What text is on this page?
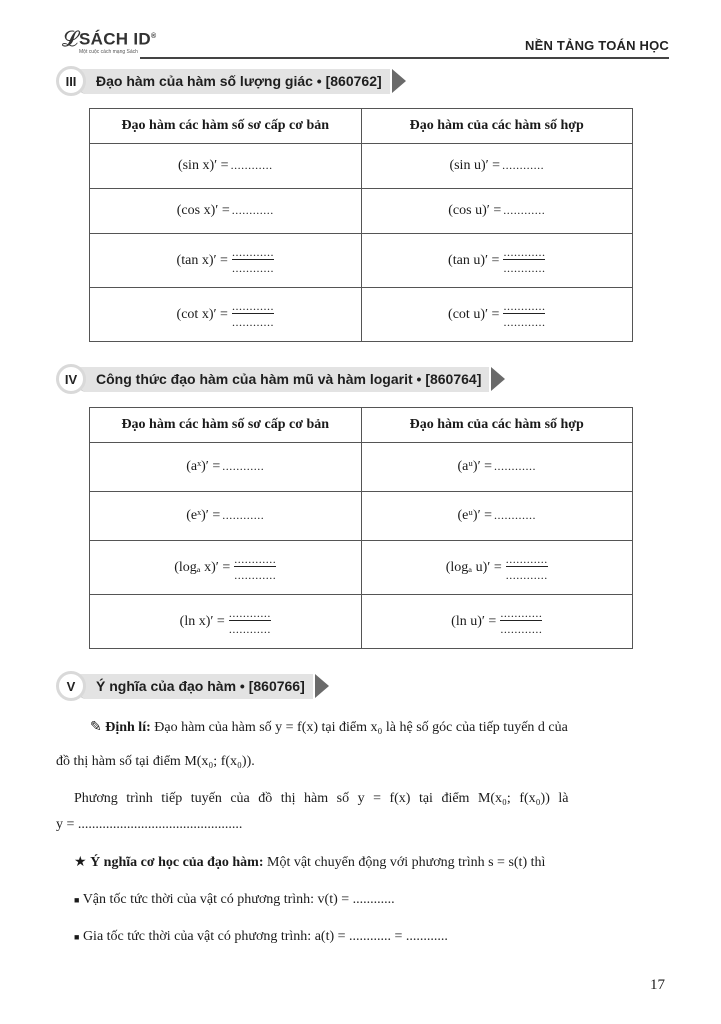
𝓛 SÁCH ID®
Một cuộc cách mạng Sách	NỀN TẢNG TOÁN HỌC
III	Đạo hàm của hàm số lượng giác • [860762]
Đạo hàm các hàm số sơ cấp cơ bản	Đạo hàm của các hàm số hợp
(sin x)′ = ............	(sin u)′ = ............
(cos x)′ = ............	(cos u)′ = ............

(tan $x)' = \frac{............}{............}$	(tan $u)' = \frac{............}{............}$

(cot $x)' = \frac{............}{............}$	(cot $u)' = \frac{............}{............}$
IV	Công thức đạo hàm của hàm mũ và hàm logarit • [860764]
Đạo hàm các hàm số sơ cấp cơ bản	Đạo hàm của các hàm số hợp
(aˣ)′ = ............	(aᵘ)′ = ............
(eˣ)′ = ............	(eᵘ)′ = ............

(logₐ $x)' = \frac{............}{............}$	(logₐ $u)' = \frac{............}{............}$

(ln $x)' = \frac{............}{............}$	(ln $u)' = \frac{............}{............}$
V	Ý nghĩa của đạo hàm • [860766]
✎ Định lí: Đạo hàm của hàm số y = f(x) tại điểm x₀ là hệ số góc của tiếp tuyến d của
đồ thị hàm số tại điểm M(x₀; f(x₀)).
Phương trình tiếp tuyến của đồ thị hàm số y = f(x) tại điểm M(x₀; f(x₀)) là
y = ...............................................
★ Ý nghĩa cơ học của đạo hàm: Một vật chuyển động với phương trình s = s(t) thì
■ Vận tốc tức thời của vật có phương trình: v(t) = ............
■ Gia tốc tức thời của vật có phương trình: a(t) = ............ = ............
17
